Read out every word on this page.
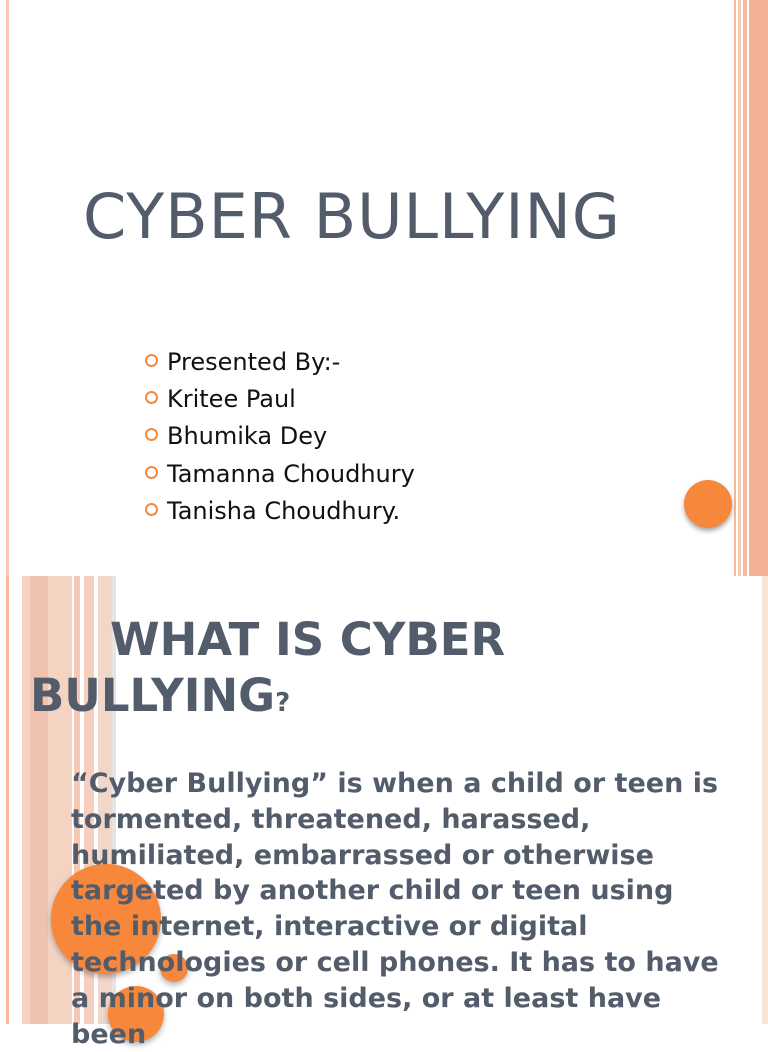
CYBER BULLYING
Presented By:-
Kritee Paul
Bhumika Dey
Tamanna Choudhury
Tanisha Choudhury.
WHAT IS CYBER
BULLYING?
“Cyber Bullying” is when a child or teen is tormented, threatened, harassed, humiliated, embarrassed or otherwise targeted by another child or teen using the internet, interactive or digital technologies or cell phones. It has to have a minor on both sides, or at least have been
